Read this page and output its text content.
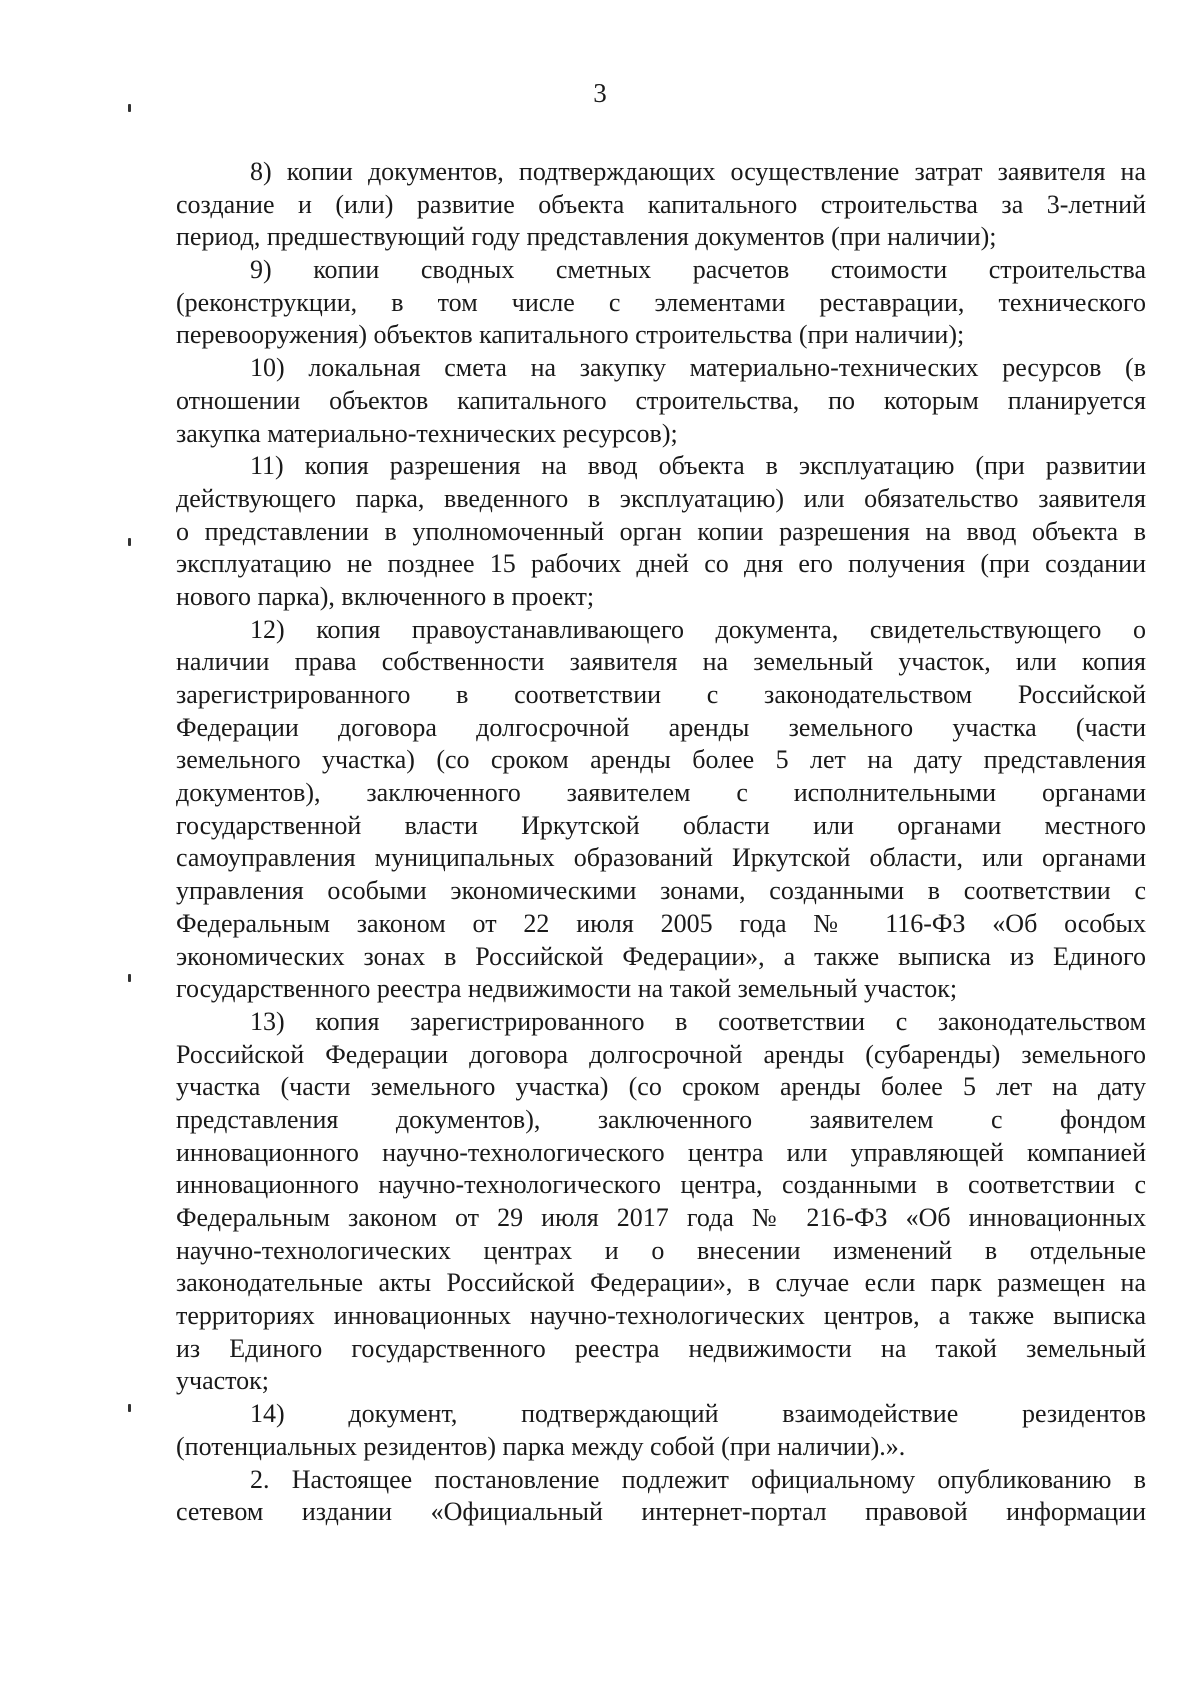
3
8) копии документов, подтверждающих осуществление затрат заявителя на
создание и (или) развитие объекта капитального строительства за 3-летний
период, предшествующий году представления документов (при наличии);
9) копии сводных сметных расчетов стоимости строительства
(реконструкции, в том числе с элементами реставрации, технического
перевооружения) объектов капитального строительства (при наличии);
10) локальная смета на закупку материально-технических ресурсов (в
отношении объектов капитального строительства, по которым планируется
закупка материально-технических ресурсов);
11) копия разрешения на ввод объекта в эксплуатацию (при развитии
действующего парка, введенного в эксплуатацию) или обязательство заявителя
о представлении в уполномоченный орган копии разрешения на ввод объекта в
эксплуатацию не позднее 15 рабочих дней со дня его получения (при создании
нового парка), включенного в проект;
12) копия правоустанавливающего документа, свидетельствующего о
наличии права собственности заявителя на земельный участок, или копия
зарегистрированного в соответствии с законодательством Российской
Федерации договора долгосрочной аренды земельного участка (части
земельного участка) (со сроком аренды более 5 лет на дату представления
документов), заключенного заявителем с исполнительными органами
государственной власти Иркутской области или органами местного
самоуправления муниципальных образований Иркутской области, или органами
управления особыми экономическими зонами, созданными в соответствии с
Федеральным законом от 22 июля 2005 года № 116-ФЗ «Об особых
экономических зонах в Российской Федерации», а также выписка из Единого
государственного реестра недвижимости на такой земельный участок;
13) копия зарегистрированного в соответствии с законодательством
Российской Федерации договора долгосрочной аренды (субаренды) земельного
участка (части земельного участка) (со сроком аренды более 5 лет на дату
представления документов), заключенного заявителем с фондом
инновационного научно-технологического центра или управляющей компанией
инновационного научно-технологического центра, созданными в соответствии с
Федеральным законом от 29 июля 2017 года № 216-ФЗ «Об инновационных
научно-технологических центрах и о внесении изменений в отдельные
законодательные акты Российской Федерации», в случае если парк размещен на
территориях инновационных научно-технологических центров, а также выписка
из Единого государственного реестра недвижимости на такой земельный
участок;
14) документ, подтверждающий взаимодействие резидентов
(потенциальных резидентов) парка между собой (при наличии).».
2. Настоящее постановление подлежит официальному опубликованию в
сетевом издании «Официальный интернет-портал правовой информации
